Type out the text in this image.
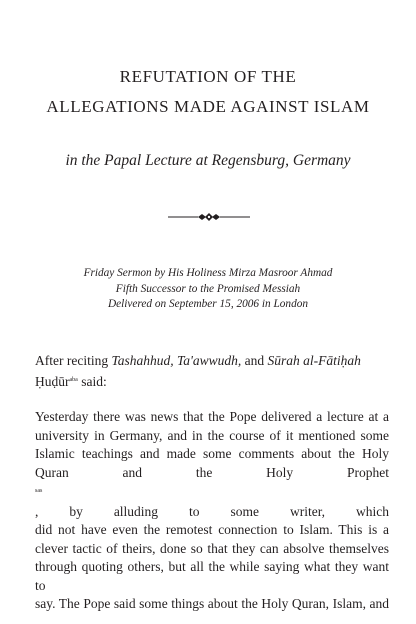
REFUTATION OF THE
ALLEGATIONS MADE AGAINST ISLAM

in the Papal Lecture at Regensburg, Germany

Friday Sermon by His Holiness Mirza Masroor Ahmad
Fifth Successor to the Promised Messiah
Delivered on September 15, 2006 in London

After reciting Tashahhud, Ta'awwudh, and Sūrah al-Fātiḥah
Ḥuḍūr$^{aba}$ said:

Yesterday there was news that the Pope delivered a lecture at a
university in Germany, and in the course of it mentioned some
Islamic teachings and made some comments about the Holy
Quran and the Holy Prophet
$^{sas}$
, by alluding to some writer, which
did not have even the remotest connection to Islam. This is a
clever tactic of theirs, done so that they can absolve themselves
through quoting others, but all the while saying what they want to
say. The Pope said some things about the Holy Quran, Islam, and
